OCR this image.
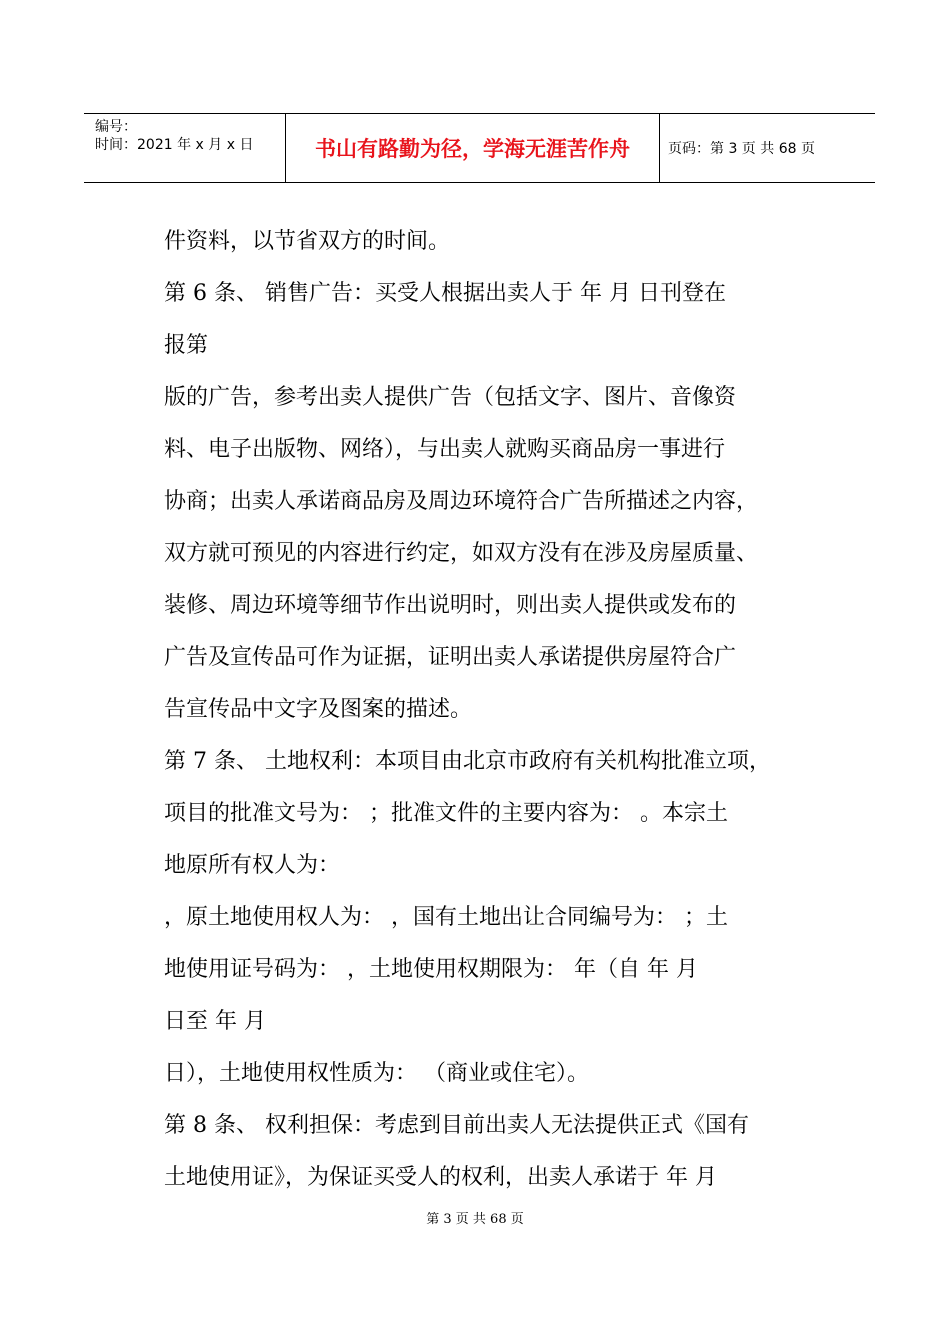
编号：
时间：2021 年 x 月 x 日	书山有路勤为径，学海无涯苦作舟	页码：第 3 页 共 68 页
件资料，以节省双方的时间。
第 6 条、 销售广告：买受人根据出卖人于 年 月 日刊登在
报第
版的广告，参考出卖人提供广告（包括文字、图片、音像资
料、电子出版物、网络），与出卖人就购买商品房一事进行
协商；出卖人承诺商品房及周边环境符合广告所描述之内容，
双方就可预见的内容进行约定，如双方没有在涉及房屋质量、
装修、周边环境等细节作出说明时，则出卖人提供或发布的
广告及宣传品可作为证据，证明出卖人承诺提供房屋符合广
告宣传品中文字及图案的描述。
第 7 条、 土地权利：本项目由北京市政府有关机构批准立项，
项目的批准文号为： ；批准文件的主要内容为： 。本宗土
地原所有权人为：
，原土地使用权人为： ，国有土地出让合同编号为： ；土
地使用证号码为： ，土地使用权期限为： 年（自 年 月
日至 年 月
日），土地使用权性质为： （商业或住宅）。
第 8 条、 权利担保：考虑到目前出卖人无法提供正式《国有
土地使用证》，为保证买受人的权利，出卖人承诺于 年 月
第 3 页 共 68 页
